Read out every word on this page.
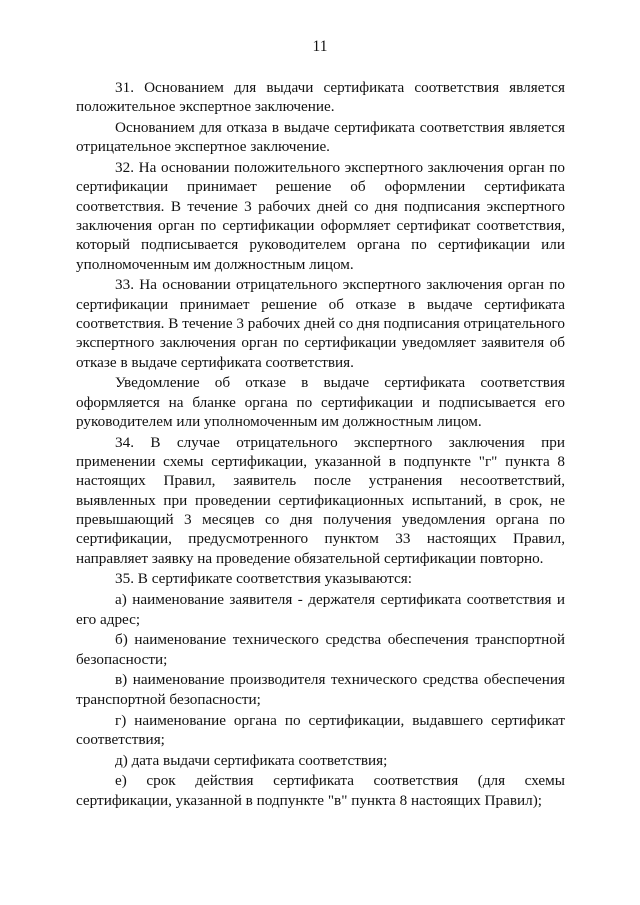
11

31. Основанием для выдачи сертификата соответствия является положительное экспертное заключение.

Основанием для отказа в выдаче сертификата соответствия является отрицательное экспертное заключение.

32. На основании положительного экспертного заключения орган по сертификации принимает решение об оформлении сертификата соответствия. В течение 3 рабочих дней со дня подписания экспертного заключения орган по сертификации оформляет сертификат соответствия, который подписывается руководителем органа по сертификации или уполномоченным им должностным лицом.

33. На основании отрицательного экспертного заключения орган по сертификации принимает решение об отказе в выдаче сертификата соответствия. В течение 3 рабочих дней со дня подписания отрицательного экспертного заключения орган по сертификации уведомляет заявителя об отказе в выдаче сертификата соответствия.

Уведомление об отказе в выдаче сертификата соответствия оформляется на бланке органа по сертификации и подписывается его руководителем или уполномоченным им должностным лицом.

34. В случае отрицательного экспертного заключения при применении схемы сертификации, указанной в подпункте "г" пункта 8 настоящих Правил, заявитель после устранения несоответствий, выявленных при проведении сертификационных испытаний, в срок, не превышающий 3 месяцев со дня получения уведомления органа по сертификации, предусмотренного пунктом 33 настоящих Правил, направляет заявку на проведение обязательной сертификации повторно.

35. В сертификате соответствия указываются:

а) наименование заявителя - держателя сертификата соответствия и его адрес;

б) наименование технического средства обеспечения транспортной безопасности;

в) наименование производителя технического средства обеспечения транспортной безопасности;

г) наименование органа по сертификации, выдавшего сертификат соответствия;

д) дата выдачи сертификата соответствия;

е) срок действия сертификата соответствия (для схемы сертификации, указанной в подпункте "в" пункта 8 настоящих Правил);
